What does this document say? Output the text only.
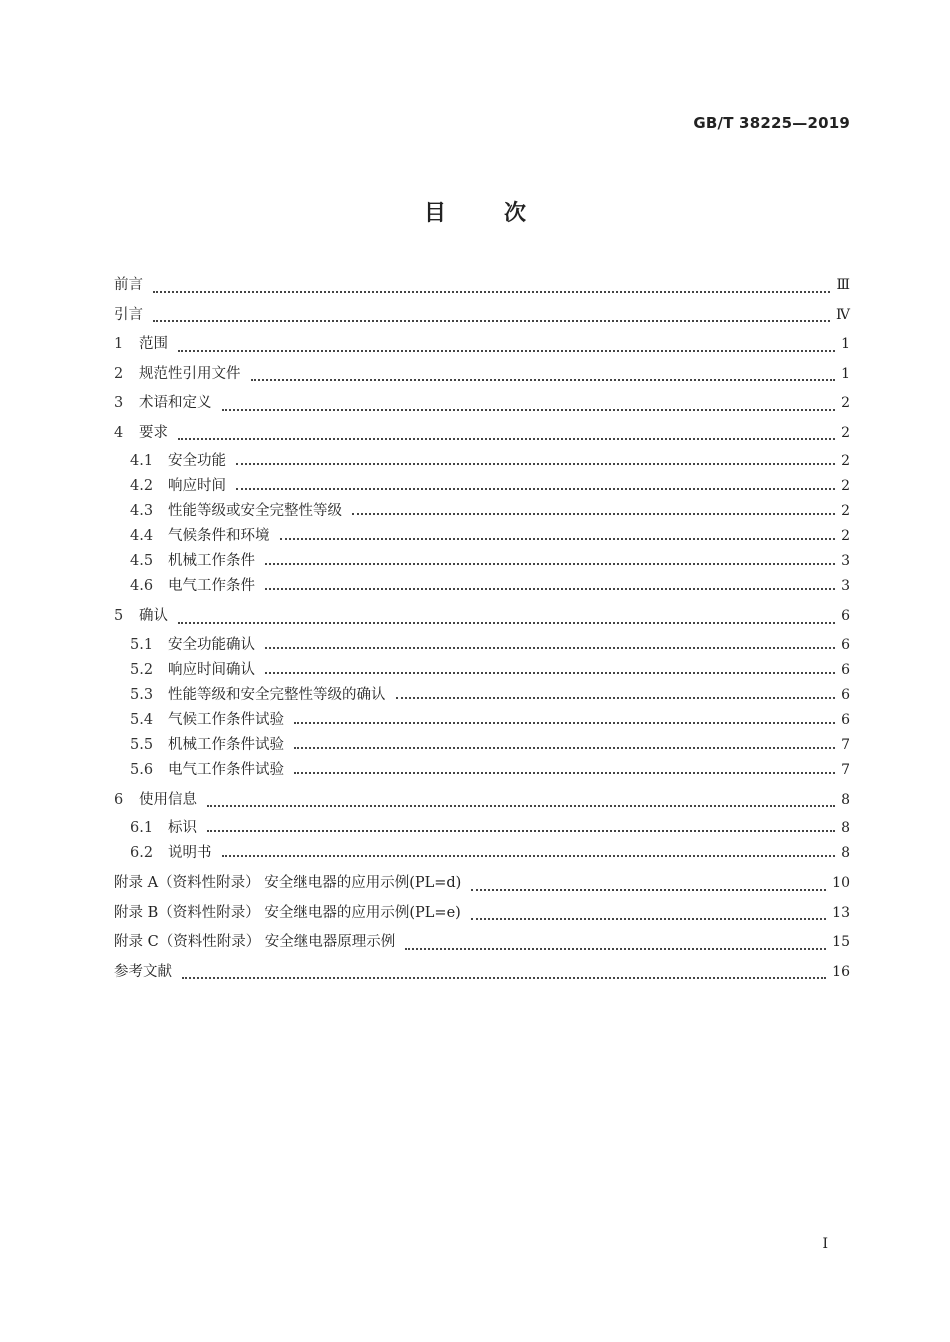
GB/T 38225—2019
目次
前言	Ⅲ
引言	Ⅳ
1	范围	1
2	规范性引用文件	1
3	术语和定义	2
4	要求	2
4.1	安全功能	2
4.2	响应时间	2
4.3	性能等级或安全完整性等级	2
4.4	气候条件和环境	2
4.5	机械工作条件	3
4.6	电气工作条件	3
5	确认	6
5.1	安全功能确认	6
5.2	响应时间确认	6
5.3	性能等级和安全完整性等级的确认	6
5.4	气候工作条件试验	6
5.5	机械工作条件试验	7
5.6	电气工作条件试验	7
6	使用信息	8
6.1	标识	8
6.2	说明书	8
附录 A（资料性附录） 安全继电器的应用示例(PL=d)	10
附录 B（资料性附录） 安全继电器的应用示例(PL=e)	13
附录 C（资料性附录） 安全继电器原理示例	15
参考文献	16
I
